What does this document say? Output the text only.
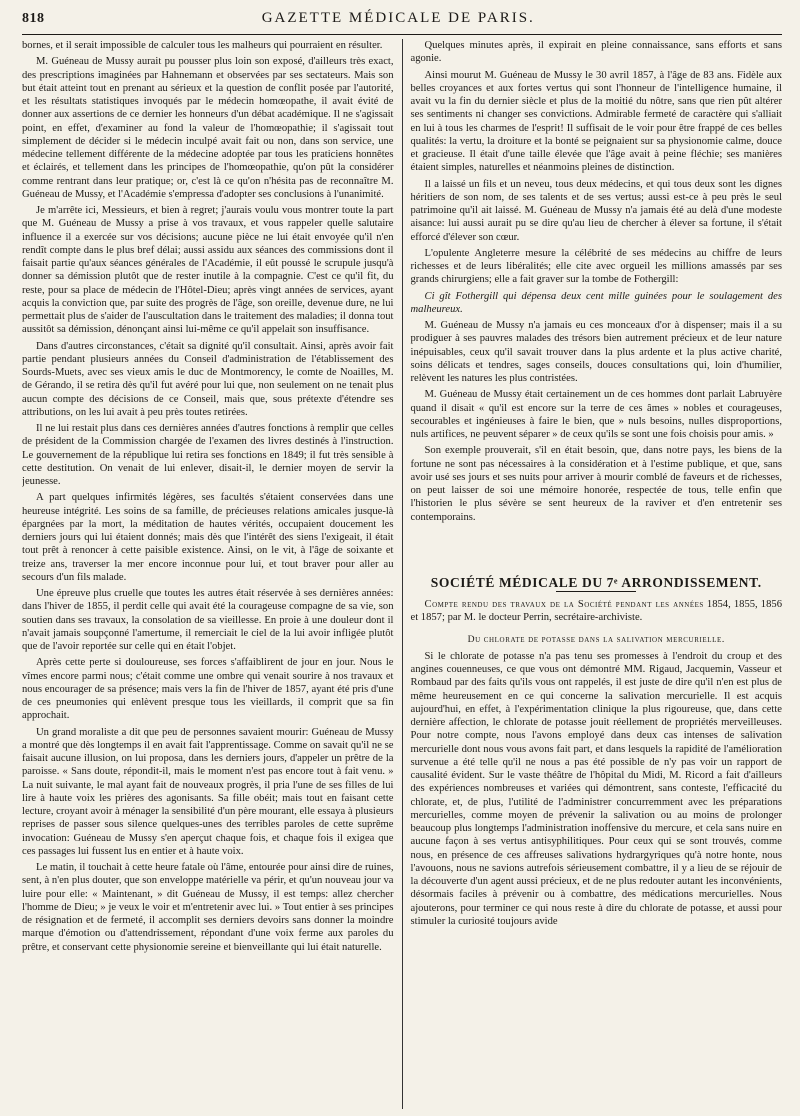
818	GAZETTE MÉDICALE DE PARIS.

bornes, et il serait impossible de calculer tous les malheurs qui pourraient en résulter.

M. Guéneau de Mussy aurait pu pousser plus loin son exposé, d'ailleurs très exact, des prescriptions imaginées par Hahnemann et observées par ses sectateurs. Mais son but était atteint tout en prenant au sérieux et la question de conflit posée par l'autorité, et les résultats statistiques invoqués par le médecin homœopathe, il avait évité de donner aux assertions de ce dernier les honneurs d'un débat académique. Il ne s'agissait point, en effet, d'examiner au fond la valeur de l'homœopathie; il s'agissait tout simplement de décider si le médecin inculpé avait fait ou non, dans son service, une médecine tellement différente de la médecine adoptée par tous les praticiens honnêtes et éclairés, et tellement dans les principes de l'homœopathie, qu'on pût la considérer comme rentrant dans leur pratique; or, c'est là ce qu'on n'hésita pas de reconnaître M. Guéneau de Mussy, et l'Académie s'empressa d'adopter ses conclusions à l'unanimité.

Je m'arrête ici, Messieurs, et bien à regret; j'aurais voulu vous montrer toute la part que M. Guéneau de Mussy a prise à vos travaux, et vous rappeler quelle salutaire influence il a exercée sur vos décisions; aucune pièce ne lui était envoyée qu'il n'en rendît compte dans le plus bref délai; aussi assidu aux séances des commissions dont il faisait partie qu'aux séances générales de l'Académie, il eût poussé le scrupule jusqu'à donner sa démission plutôt que de rester inutile à la compagnie. C'est ce qu'il fit, du reste, pour sa place de médecin de l'Hôtel-Dieu; après vingt années de services, ayant acquis la conviction que, par suite des progrès de l'âge, son oreille, devenue dure, ne lui permettait plus de s'aider de l'auscultation dans le traitement des maladies; il donna tout aussitôt sa démission, dénonçant ainsi lui-même ce qu'il appelait son insuffisance.

Dans d'autres circonstances, c'était sa dignité qu'il consultait. Ainsi, après avoir fait partie pendant plusieurs années du Conseil d'administration de l'établissement des Sourds-Muets, avec ses vieux amis le duc de Montmorency, le comte de Noailles, M. de Gérando, il se retira dès qu'il fut avéré pour lui que, non seulement on ne tenait plus aucun compte des décisions de ce Conseil, mais que, sous prétexte d'étendre ses attributions, on les lui avait à peu près toutes retirées.

Il ne lui restait plus dans ces dernières années d'autres fonctions à remplir que celles de président de la Commission chargée de l'examen des livres destinés à l'instruction. Le gouvernement de la république lui retira ses fonctions en 1849; il fut très sensible à cette destitution. On venait de lui enlever, disait-il, le dernier moyen de servir la jeunesse.

A part quelques infirmités légères, ses facultés s'étaient conservées dans une heureuse intégrité. Les soins de sa famille, de précieuses relations amicales jusque-là épargnées par la mort, la méditation de hautes vérités, occupaient doucement les derniers jours qui lui étaient donnés; mais dès que l'intérêt des siens l'exigeait, il était tout prêt à renoncer à cette paisible existence. Ainsi, on le vit, à l'âge de soixante et treize ans, traverser la mer encore inconnue pour lui, et tout braver pour aller au secours d'un fils malade.

Une épreuve plus cruelle que toutes les autres était réservée à ses dernières années: dans l'hiver de 1855, il perdit celle qui avait été la courageuse compagne de sa vie, son soutien dans ses travaux, la consolation de sa vieillesse. En proie à une douleur dont il n'avait jamais soupçonné l'amertume, il remerciait le ciel de la lui avoir infligée plutôt que de l'avoir reportée sur celle qui en était l'objet.

Après cette perte si douloureuse, ses forces s'affaiblirent de jour en jour. Nous le vîmes encore parmi nous; c'était comme une ombre qui venait sourire à nos travaux et nous encourager de sa présence; mais vers la fin de l'hiver de 1857, ayant été pris d'une de ces pneumonies qui enlèvent presque tous les vieillards, il comprit que sa fin approchait.

Un grand moraliste a dit que peu de personnes savaient mourir: Guéneau de Mussy a montré que dès longtemps il en avait fait l'apprentissage. Comme on savait qu'il ne se faisait aucune illusion, on lui proposa, dans les derniers jours, d'appeler un prêtre de la paroisse. « Sans doute, répondit-il, mais le moment n'est pas encore tout à fait venu. » La nuit suivante, le mal ayant fait de nouveaux progrès, il pria l'une de ses filles de lui lire à haute voix les prières des agonisants. Sa fille obéit; mais tout en faisant cette lecture, croyant avoir à ménager la sensibilité d'un père mourant, elle essaya à plusieurs reprises de passer sous silence quelques-unes des terribles paroles de cette suprême invocation: Guéneau de Mussy s'en aperçut chaque fois, et chaque fois il exigea que ces passages lui fussent lus en entier et à haute voix.

Le matin, il touchait à cette heure fatale où l'âme, entourée pour ainsi dire de ruines, sent, à n'en plus douter, que son enveloppe matérielle va périr, et qu'un nouveau jour va luire pour elle: « Maintenant, » dit Guéneau de Mussy, il est temps: allez chercher l'homme de Dieu; » je veux le voir et m'entretenir avec lui. » Tout entier à ses principes de résignation et de fermeté, il accomplit ses derniers devoirs sans donner la moindre marque d'émotion ou d'attendrissement, répondant d'une voix ferme aux paroles du prêtre, et conservant cette physionomie sereine et bienveillante qui lui était naturelle.

Quelques minutes après, il expirait en pleine connaissance, sans efforts et sans agonie.

Ainsi mourut M. Guéneau de Mussy le 30 avril 1857, à l'âge de 83 ans. Fidèle aux belles croyances et aux fortes vertus qui sont l'honneur de l'intelligence humaine, il avait vu la fin du dernier siècle et plus de la moitié du nôtre, sans que rien pût altérer ses sentiments ni changer ses convictions. Admirable fermeté de caractère qui s'alliait en lui à tous les charmes de l'esprit! Il suffisait de le voir pour être frappé de ces belles qualités: la vertu, la droiture et la bonté se peignaient sur sa physionomie calme, douce et gracieuse. Il était d'une taille élevée que l'âge avait à peine fléchie; ses manières étaient simples, naturelles et néanmoins pleines de distinction.

Il a laissé un fils et un neveu, tous deux médecins, et qui tous deux sont les dignes héritiers de son nom, de ses talents et de ses vertus; aussi est-ce à peu près le seul patrimoine qu'il ait laissé. M. Guéneau de Mussy n'a jamais été au delà d'une modeste aisance: lui aussi aurait pu se dire qu'au lieu de chercher à élever sa fortune, il s'était efforcé d'élever son cœur.

L'opulente Angleterre mesure la célébrité de ses médecins au chiffre de leurs richesses et de leurs libéralités; elle cite avec orgueil les millions amassés par ses grands chirurgiens; elle a fait graver sur la tombe de Fothergill:

Ci gît Fothergill qui dépensa deux cent mille guinées pour le soulagement des malheureux.

M. Guéneau de Mussy n'a jamais eu ces monceaux d'or à dispenser; mais il a su prodiguer à ses pauvres malades des trésors bien autrement précieux et de leur nature inépuisables, ceux qu'il savait trouver dans la plus ardente et la plus active charité, soins délicats et tendres, sages conseils, douces consultations qui, loin d'humilier, relèvent les natures les plus contristées.

M. Guéneau de Mussy était certainement un de ces hommes dont parlait Labruyère quand il disait « qu'il est encore sur la terre de ces âmes » nobles et courageuses, secourables et ingénieuses à faire le bien, que » nuls besoins, nulles disproportions, nuls artifices, ne peuvent séparer » de ceux qu'ils se sont une fois choisis pour amis. »

Son exemple prouverait, s'il en était besoin, que, dans notre pays, les biens de la fortune ne sont pas nécessaires à la considération et à l'estime publique, et que, sans avoir usé ses jours et ses nuits pour arriver à mourir comblé de faveurs et de richesses, on peut laisser de soi une mémoire honorée, respectée de tous, telle enfin que l'historien le plus sévère se sent heureux de la raviver et d'en entretenir ses contemporains.

SOCIÉTÉ MÉDICALE DU 7ᵉ ARRONDISSEMENT.
Compte rendu des travaux de la Société pendant les années 1854, 1855, 1856 et 1857; par M. le docteur Perrin, secrétaire-archiviste.
Du chlorate de potasse dans la salivation mercurielle.

Si le chlorate de potasse n'a pas tenu ses promesses à l'endroit du croup et des angines couenneuses, ce que vous ont démontré MM. Rigaud, Jacquemin, Vasseur et Rombaud par des faits qu'ils vous ont rappelés, il est juste de dire qu'il n'en est plus de même heureusement en ce qui concerne la salivation mercurielle. Il est acquis aujourd'hui, en effet, à l'expérimentation clinique la plus rigoureuse, que, dans cette dernière affection, le chlorate de potasse jouit réellement de propriétés merveilleuses. Pour notre compte, nous l'avons employé dans deux cas intenses de salivation mercurielle dont nous vous avons fait part, et dans lesquels la rapidité de l'amélioration survenue a été telle qu'il ne nous a pas été possible de n'y pas voir un rapport de causalité évident. Sur le vaste théâtre de l'hôpital du Midi, M. Ricord a fait d'ailleurs des expériences nombreuses et variées qui démontrent, sans conteste, l'efficacité du chlorate, et, de plus, l'utilité de l'administrer concurremment avec les préparations mercurielles, comme moyen de prévenir la salivation ou au moins de prolonger beaucoup plus longtemps l'administration inoffensive du mercure, et cela sans nuire en aucune façon à ses vertus antisyphilitiques. Pour ceux qui se sont trouvés, comme nous, en présence de ces affreuses salivations hydrargyriques qu'à notre honte, nous l'avouons, nous ne savions autrefois sérieusement combattre, il y a lieu de se réjouir de la découverte d'un agent aussi précieux, et de ne plus redouter autant les inconvénients, désormais faciles à prévenir ou à combattre, des médications mercurielles. Nous ajouterons, pour terminer ce qui nous reste à dire du chlorate de potasse, et aussi pour stimuler la curiosité toujours avide
